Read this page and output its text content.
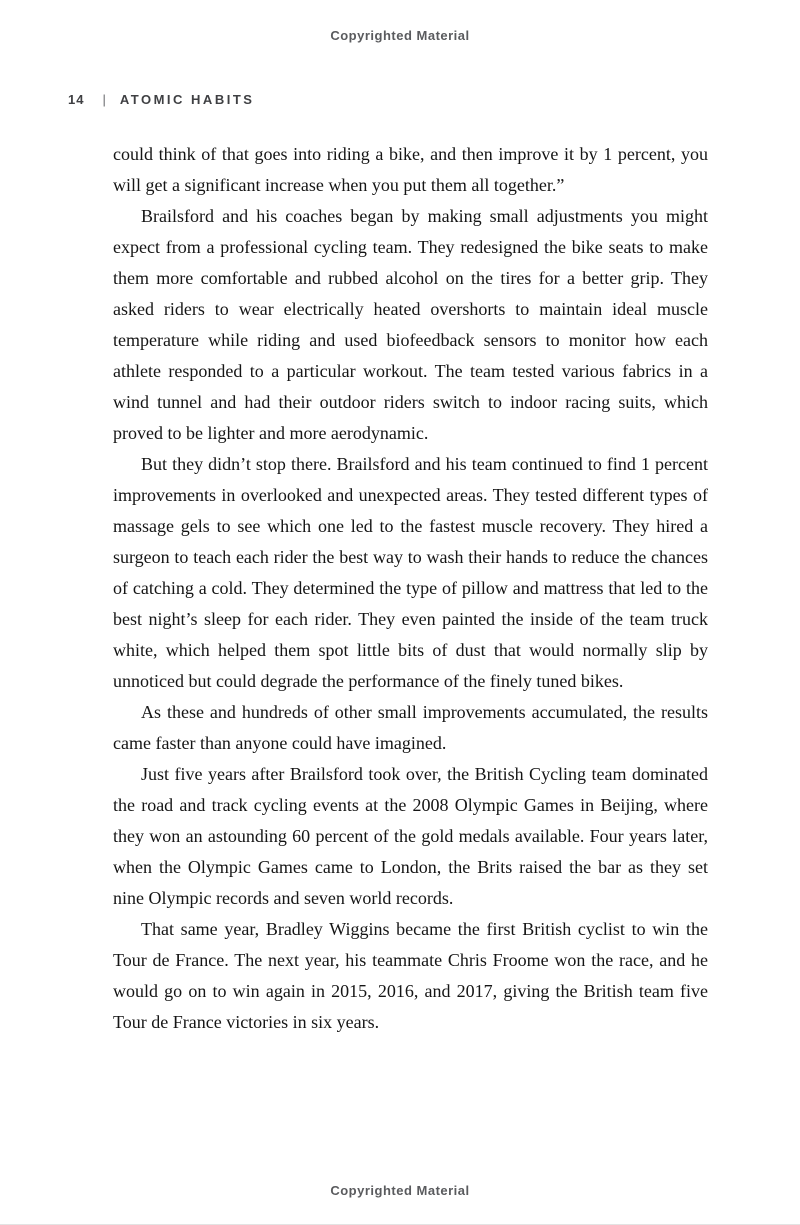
Copyrighted Material
14 | ATOMIC HABITS

could think of that goes into riding a bike, and then improve it by 1 percent, you will get a significant increase when you put them all together.”

Brailsford and his coaches began by making small adjustments you might expect from a professional cycling team. They redesigned the bike seats to make them more comfortable and rubbed alcohol on the tires for a better grip. They asked riders to wear electrically heated overshorts to maintain ideal muscle temperature while riding and used biofeedback sensors to monitor how each athlete responded to a particular workout. The team tested various fabrics in a wind tunnel and had their outdoor riders switch to indoor racing suits, which proved to be lighter and more aerodynamic.

But they didn’t stop there. Brailsford and his team continued to find 1 percent improvements in overlooked and unexpected areas. They tested different types of massage gels to see which one led to the fastest muscle recovery. They hired a surgeon to teach each rider the best way to wash their hands to reduce the chances of catching a cold. They determined the type of pillow and mattress that led to the best night’s sleep for each rider. They even painted the inside of the team truck white, which helped them spot little bits of dust that would normally slip by unnoticed but could degrade the performance of the finely tuned bikes.

As these and hundreds of other small improvements accumulated, the results came faster than anyone could have imagined.

Just five years after Brailsford took over, the British Cycling team dominated the road and track cycling events at the 2008 Olympic Games in Beijing, where they won an astounding 60 percent of the gold medals available. Four years later, when the Olympic Games came to London, the Brits raised the bar as they set nine Olympic records and seven world records.

That same year, Bradley Wiggins became the first British cyclist to win the Tour de France. The next year, his teammate Chris Froome won the race, and he would go on to win again in 2015, 2016, and 2017, giving the British team five Tour de France victories in six years.

Copyrighted Material
